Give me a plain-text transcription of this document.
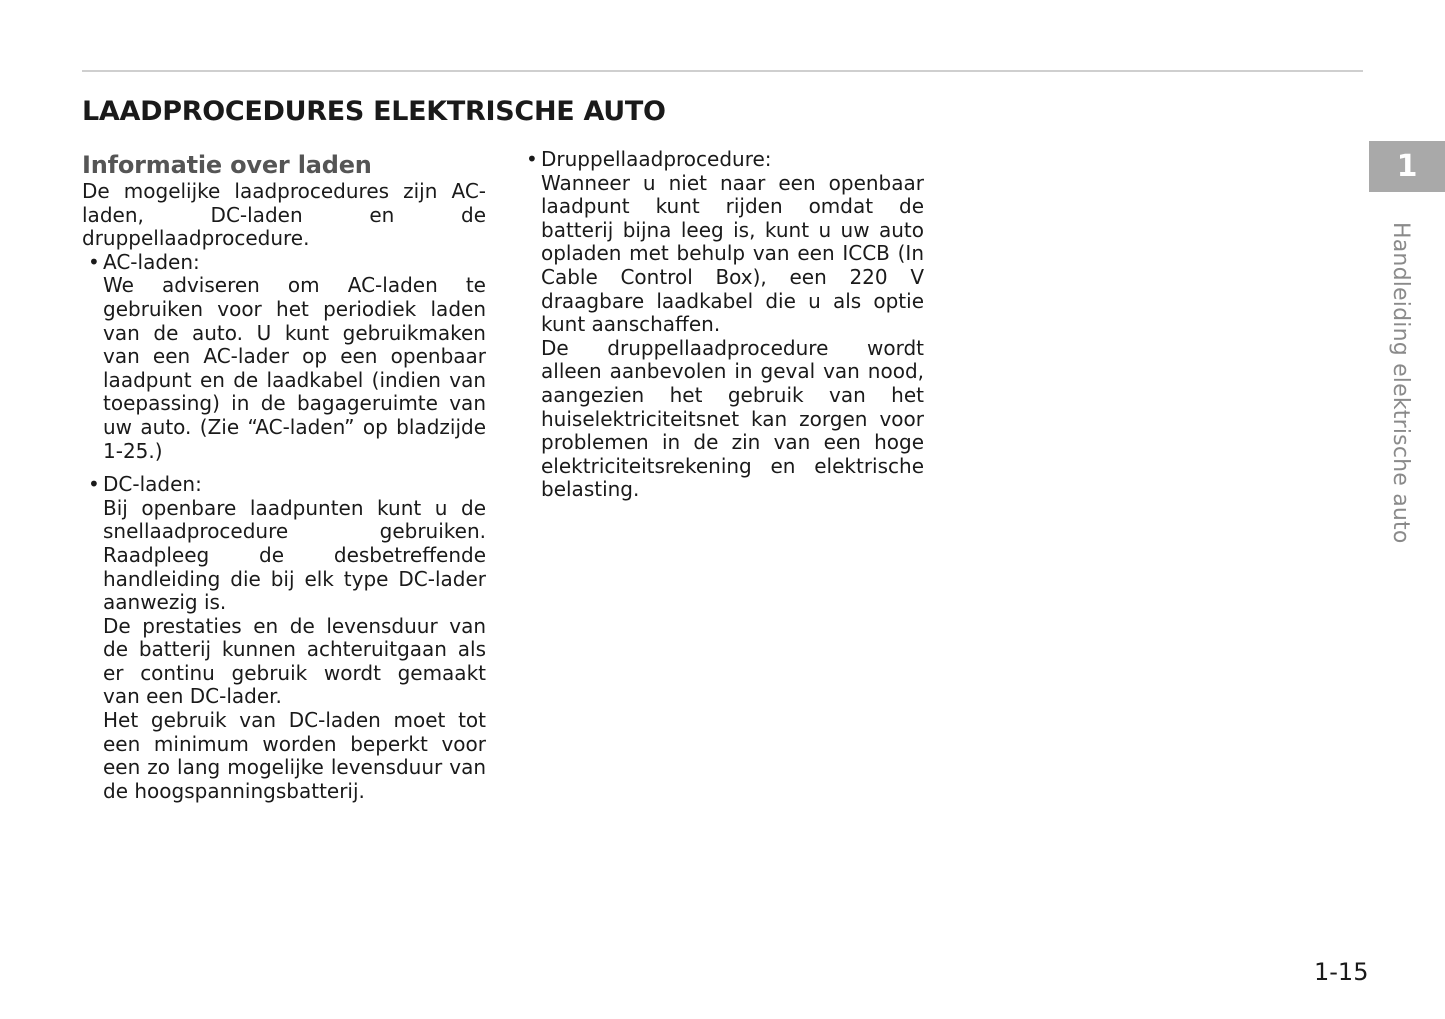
LAADPROCEDURES ELEKTRISCHE AUTO
Informatie over laden

De mogelijke laadprocedures zijn AC-laden, DC-laden en de druppellaadprocedure.

• AC-laden:

We adviseren om AC-laden te gebruiken voor het periodiek laden van de auto. U kunt gebruikmaken van een AC-lader op een openbaar laadpunt en de laadkabel (indien van toepassing) in de bagageruimte van uw auto. (Zie “AC-laden” op bladzijde 1-25.)

• DC-laden:

Bij openbare laadpunten kunt u de snellaadprocedure gebruiken. Raadpleeg de desbetreffende handleiding die bij elk type DC-lader aanwezig is.

De prestaties en de levensduur van de batterij kunnen achteruitgaan als er continu gebruik wordt gemaakt van een DC-lader.

Het gebruik van DC-laden moet tot een minimum worden beperkt voor een zo lang mogelijke levensduur van de hoogspanningsbatterij.

• Druppellaadprocedure:

Wanneer u niet naar een openbaar laadpunt kunt rijden omdat de batterij bijna leeg is, kunt u uw auto opladen met behulp van een ICCB (In Cable Control Box), een 220 V draagbare laadkabel die u als optie kunt aanschaffen.

De druppellaadprocedure wordt alleen aanbevolen in geval van nood, aangezien het gebruik van het huiselektriciteitsnet kan zorgen voor problemen in de zin van een hoge elektriciteitsrekening en elektrische belasting.

1
Handleiding elektrische auto
1-15
